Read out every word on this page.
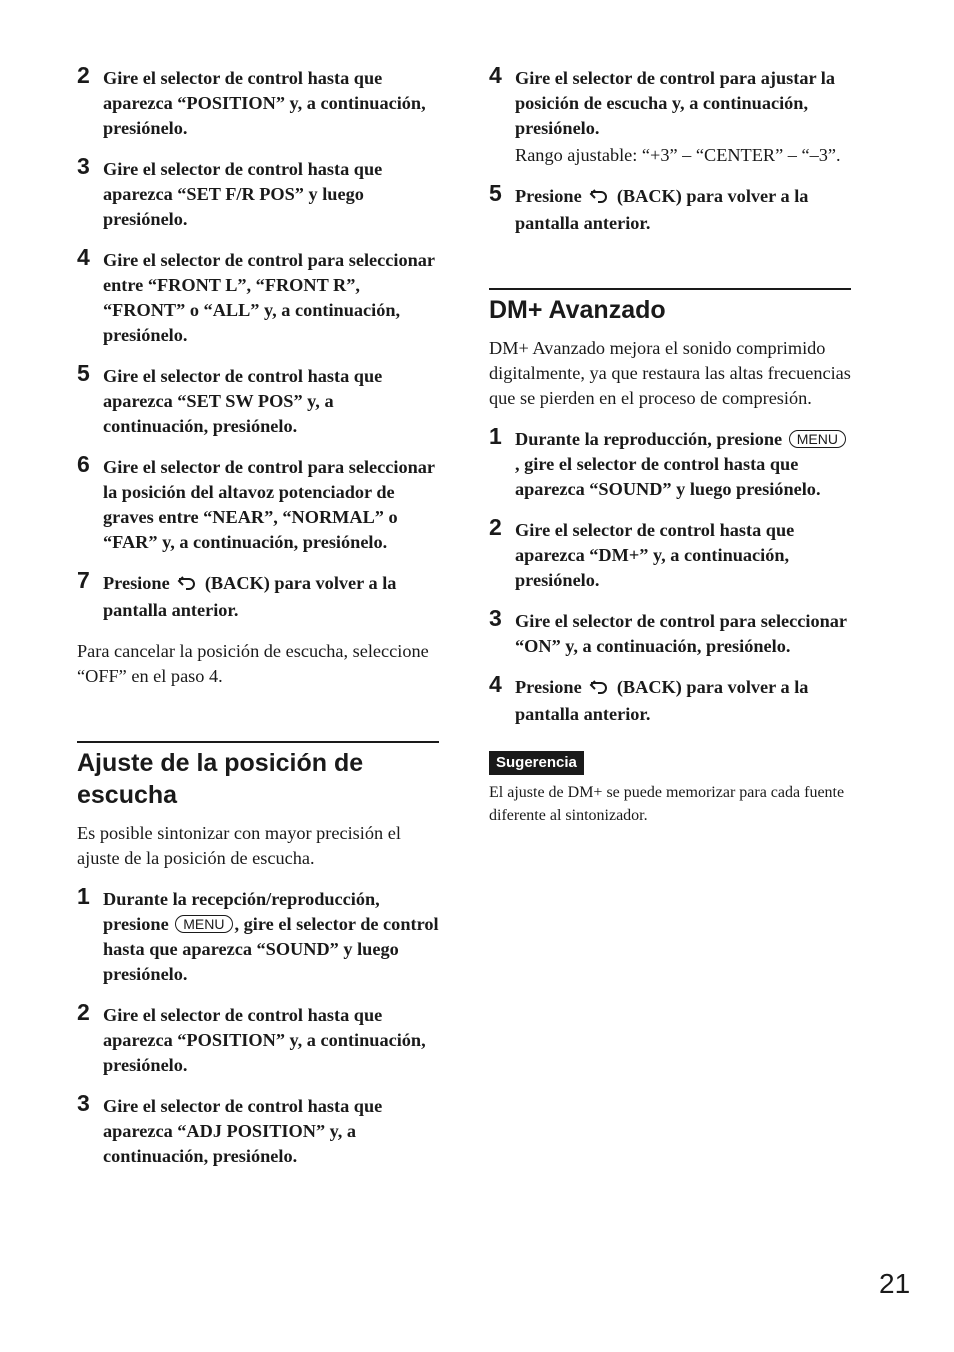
2 Gire el selector de control hasta que aparezca “POSITION” y, a continuación, presiónelo.
3 Gire el selector de control hasta que aparezca “SET F/R POS” y luego presiónelo.
4 Gire el selector de control para seleccionar entre “FRONT L”, “FRONT R”, “FRONT” o “ALL” y, a continuación, presiónelo.
5 Gire el selector de control hasta que aparezca “SET SW POS” y, a continuación, presiónelo.
6 Gire el selector de control para seleccionar la posición del altavoz potenciador de graves entre “NEAR”, “NORMAL” o “FAR” y, a continuación, presiónelo.
7 Presione (BACK) para volver a la pantalla anterior.
Para cancelar la posición de escucha, seleccione “OFF” en el paso 4.
Ajuste de la posición de escucha
Es posible sintonizar con mayor precisión el ajuste de la posición de escucha.
1 Durante la recepción/reproducción, presione MENU , gire el selector de control hasta que aparezca “SOUND” y luego presiónelo.
2 Gire el selector de control hasta que aparezca “POSITION” y, a continuación, presiónelo.
3 Gire el selector de control hasta que aparezca “ADJ POSITION” y, a continuación, presiónelo.
4 Gire el selector de control para ajustar la posición de escucha y, a continuación, presiónelo.
Rango ajustable: “+3” – “CENTER” – “–3”.
5 Presione (BACK) para volver a la pantalla anterior.
DM+ Avanzado
DM+ Avanzado mejora el sonido comprimido digitalmente, ya que restaura las altas frecuencias que se pierden en el proceso de compresión.
1 Durante la reproducción, presione MENU, gire el selector de control hasta que aparezca “SOUND” y luego presiónelo.
2 Gire el selector de control hasta que aparezca “DM+” y, a continuación, presiónelo.
3 Gire el selector de control para seleccionar “ON” y, a continuación, presiónelo.
4 Presione (BACK) para volver a la pantalla anterior.
Sugerencia
El ajuste de DM+ se puede memorizar para cada fuente diferente al sintonizador.
21
